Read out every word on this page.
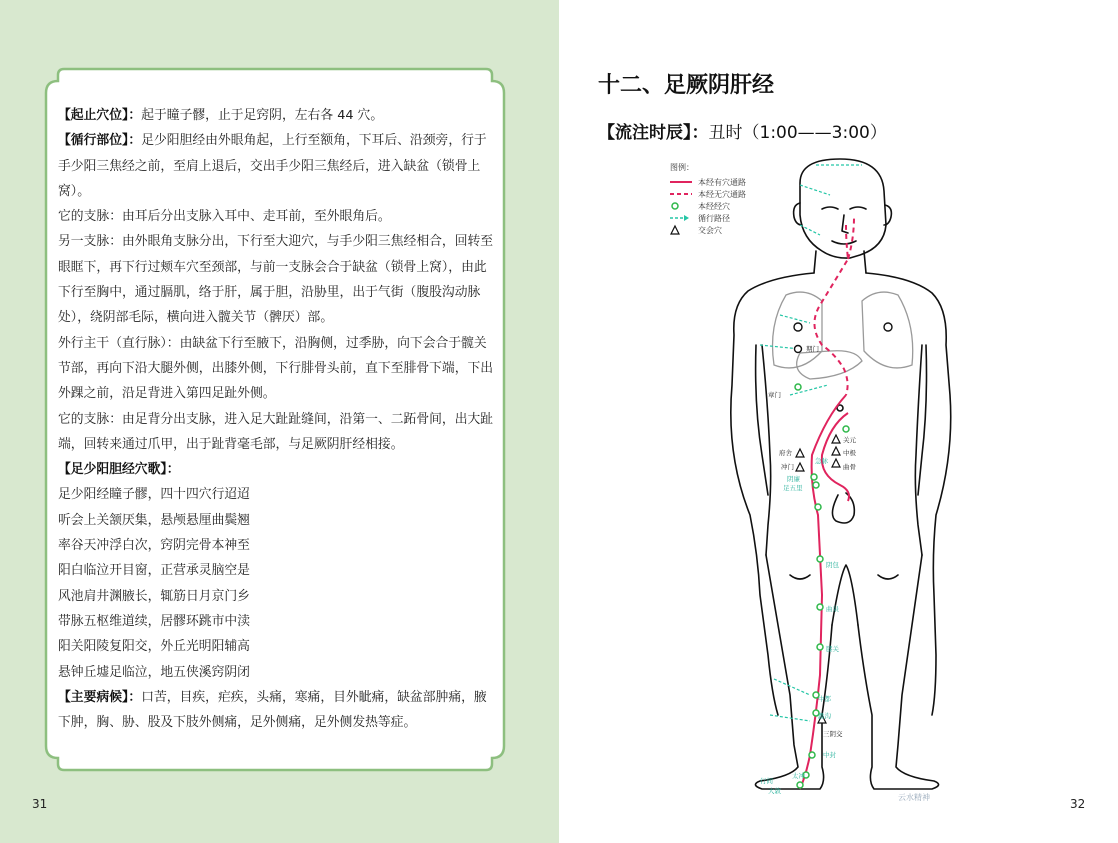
【起止穴位】：起于瞳子髎，止于足窍阴，左右各 44 穴。

【循行部位】：足少阳胆经由外眼角起，上行至额角，下耳后、沿颈旁，行于手少阳三焦经之前，至肩上退后，交出手少阳三焦经后，进入缺盆（锁骨上窝）。

它的支脉：由耳后分出支脉入耳中、走耳前，至外眼角后。

另一支脉：由外眼角支脉分出，下行至大迎穴，与手少阳三焦经相合，回转至眼眶下，再下行过颊车穴至颈部，与前一支脉会合于缺盆（锁骨上窝），由此下行至胸中，通过膈肌，络于肝，属于胆，沿胁里，出于气街（腹股沟动脉处），绕阴部毛际，横向进入髋关节（髀厌）部。

外行主干（直行脉）：由缺盆下行至腋下，沿胸侧，过季胁，向下会合于髋关节部，再向下沿大腿外侧，出膝外侧，下行腓骨头前，直下至腓骨下端，下出外踝之前，沿足背进入第四足趾外侧。

它的支脉：由足背分出支脉，进入足大趾趾缝间，沿第一、二跖骨间，出大趾端，回转来通过爪甲，出于趾背毫毛部，与足厥阴肝经相接。

【足少阳胆经穴歌】：

足少阳经瞳子髎，四十四穴行迢迢

听会上关颔厌集，悬颅悬厘曲鬓翘

率谷天冲浮白次，窍阴完骨本神至

阳白临泣开目窗，正营承灵脑空是

风池肩井渊腋长，辄筋日月京门乡

带脉五枢维道续，居髎环跳市中渎

阳关阳陵复阳交，外丘光明阳辅高

悬钟丘墟足临泣，地五侠溪窍阴闭

【主要病候】：口苦，目疾，疟疾，头痛，寒痛，目外眦痛，缺盆部肿痛，腋下肿，胸、胁、股及下肢外侧痛，足外侧痛，足外侧发热等症。

31
十二、足厥阴肝经
【流注时辰】：丑时（1:00——3:00）
图例：
本经有穴通路
本经无穴通路
本经经穴
循行路径
交会穴
期门
章门
关元
中极
曲骨
府舍
冲门
急脉
阴廉
足五里
阴包
曲泉
膝关
中都
蠡沟
三阴交
中封
太冲
行间
大敦
云水精神	32
